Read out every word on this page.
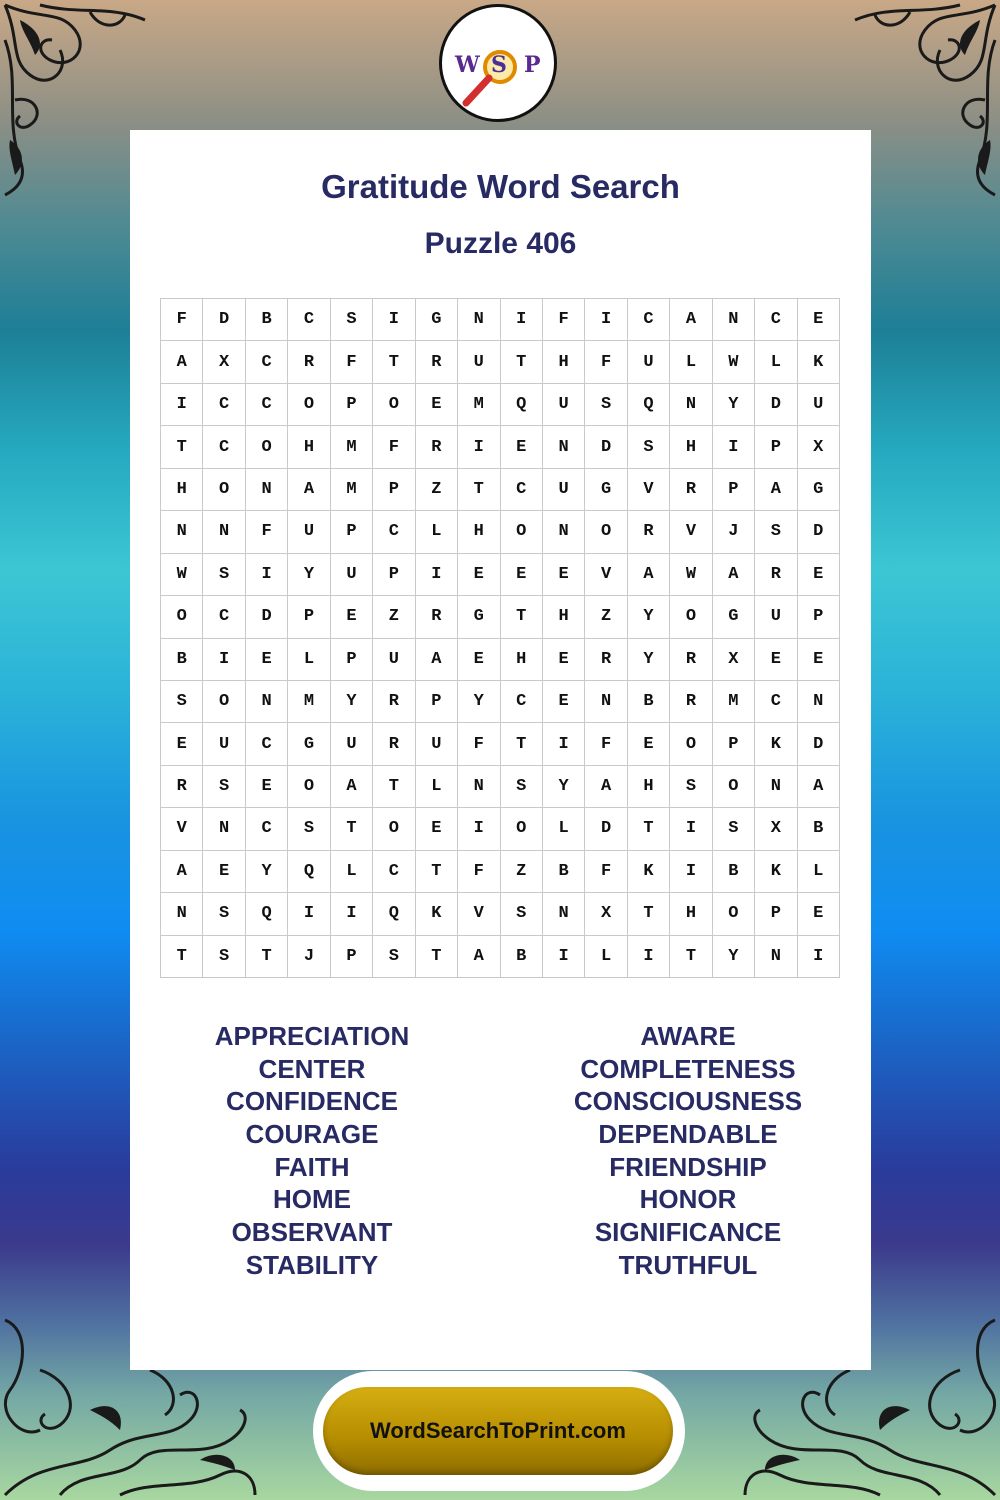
W S P
Gratitude Word Search
Puzzle 406
F	D	B	C	S	I	G	N	I	F	I	C	A	N	C	E
A	X	C	R	F	T	R	U	T	H	F	U	L	W	L	K
I	C	C	O	P	O	E	M	Q	U	S	Q	N	Y	D	U
T	C	O	H	M	F	R	I	E	N	D	S	H	I	P	X
H	O	N	A	M	P	Z	T	C	U	G	V	R	P	A	G
N	N	F	U	P	C	L	H	O	N	O	R	V	J	S	D
W	S	I	Y	U	P	I	E	E	E	V	A	W	A	R	E
O	C	D	P	E	Z	R	G	T	H	Z	Y	O	G	U	P
B	I	E	L	P	U	A	E	H	E	R	Y	R	X	E	E
S	O	N	M	Y	R	P	Y	C	E	N	B	R	M	C	N
E	U	C	G	U	R	U	F	T	I	F	E	O	P	K	D
R	S	E	O	A	T	L	N	S	Y	A	H	S	O	N	A
V	N	C	S	T	O	E	I	O	L	D	T	I	S	X	B
A	E	Y	Q	L	C	T	F	Z	B	F	K	I	B	K	L
N	S	Q	I	I	Q	K	V	S	N	X	T	H	O	P	E
T	S	T	J	P	S	T	A	B	I	L	I	T	Y	N	I
APPRECIATION
CENTER
CONFIDENCE
COURAGE
FAITH
HOME
OBSERVANT
STABILITY
AWARE
COMPLETENESS
CONSCIOUSNESS
DEPENDABLE
FRIENDSHIP
HONOR
SIGNIFICANCE
TRUTHFUL
WordSearchToPrint.com
